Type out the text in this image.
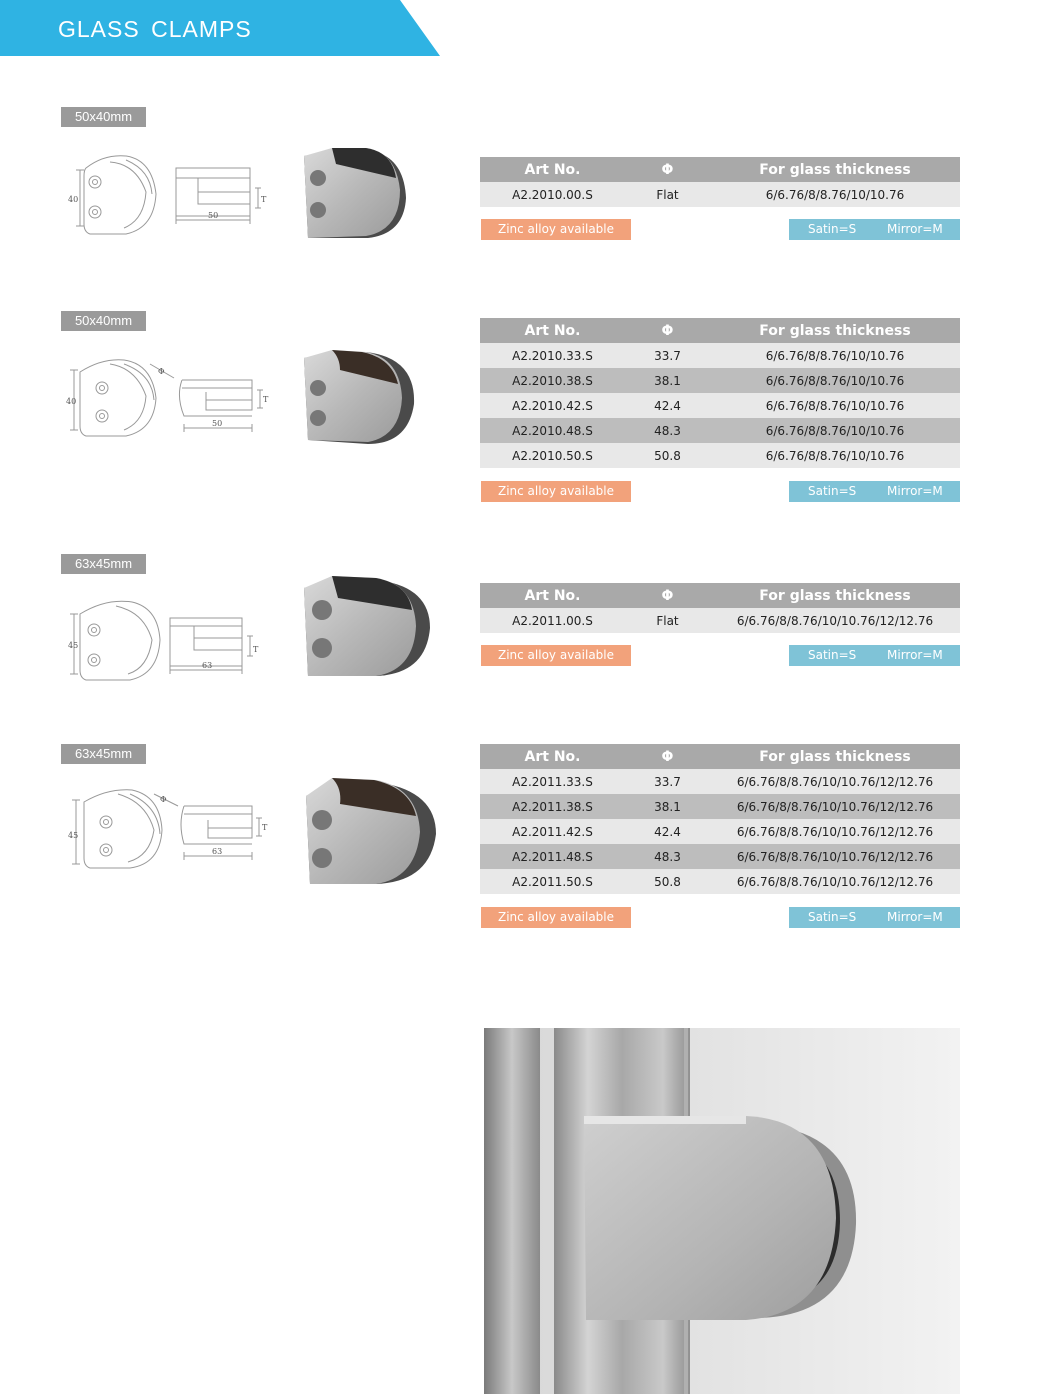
GLASS CLAMPS
50x40mm
40
50
T
Art No.	Φ	For glass thickness
A2.2010.00.S	Flat	6/6.76/8/8.76/10/10.76
Zinc alloy available	Satin=S	Mirror=M
50x40mm
40
50
T
Φ
Art No.	Φ	For glass thickness
A2.2010.33.S	33.7	6/6.76/8/8.76/10/10.76
A2.2010.38.S	38.1	6/6.76/8/8.76/10/10.76
A2.2010.42.S	42.4	6/6.76/8/8.76/10/10.76
A2.2010.48.S	48.3	6/6.76/8/8.76/10/10.76
A2.2010.50.S	50.8	6/6.76/8/8.76/10/10.76
Zinc alloy available	Satin=S	Mirror=M
63x45mm
45
63
T
Art No.	Φ	For glass thickness
A2.2011.00.S	Flat	6/6.76/8/8.76/10/10.76/12/12.76
Zinc alloy available	Satin=S	Mirror=M
63x45mm
45
63
T
Φ
Art No.	Φ	For glass thickness
A2.2011.33.S	33.7	6/6.76/8/8.76/10/10.76/12/12.76
A2.2011.38.S	38.1	6/6.76/8/8.76/10/10.76/12/12.76
A2.2011.42.S	42.4	6/6.76/8/8.76/10/10.76/12/12.76
A2.2011.48.S	48.3	6/6.76/8/8.76/10/10.76/12/12.76
A2.2011.50.S	50.8	6/6.76/8/8.76/10/10.76/12/12.76
Zinc alloy available	Satin=S	Mirror=M
